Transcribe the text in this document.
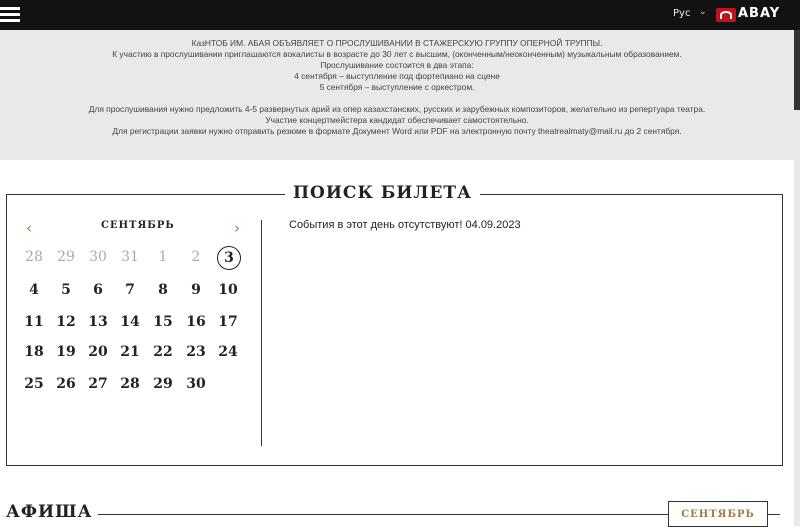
Рус ⌄ ABAY

КазНТОБ ИМ. АБАЯ ОБЪЯВЛЯЕТ О ПРОСЛУШИВАНИИ В СТАЖЕРСКУЮ ГРУППУ ОПЕРНОЙ ТРУППЫ.

К участию в прослушивании приглашаются вокалисты в возрасте до 30 лет с высшим, (оконченным/неоконченным) музыкальным образованием.

Прослушивание состоится в два этапа:

4 сентября – выступление под фортепиано на сцене

5 сентября – выступление с оркестром.

Для прослушивания нужно предложить 4-5 развернутых арий из опер казахстанских, русских и зарубежных композиторов, желательно из репертуара театра.

Участие концертмейстера кандидат обеспечивает самостоятельно.

Для регистрации заявки нужно отправить резюме в формате Документ Word или PDF на электронную почту theatrealmaty@mail.ru до 2 сентября.

ПОИСК БИЛЕТА
‹	СЕНТЯБРЬ	›
28	29	30	31	1	2	3
4	5	6	7	8	9	10
11 12 13 14 15 16 17
18 19 20 21 22 23 24
25 26 27 28 29 30
События в этот день отсутствуют! 04.09.2023
АФИША	СЕНТЯБРЬ
